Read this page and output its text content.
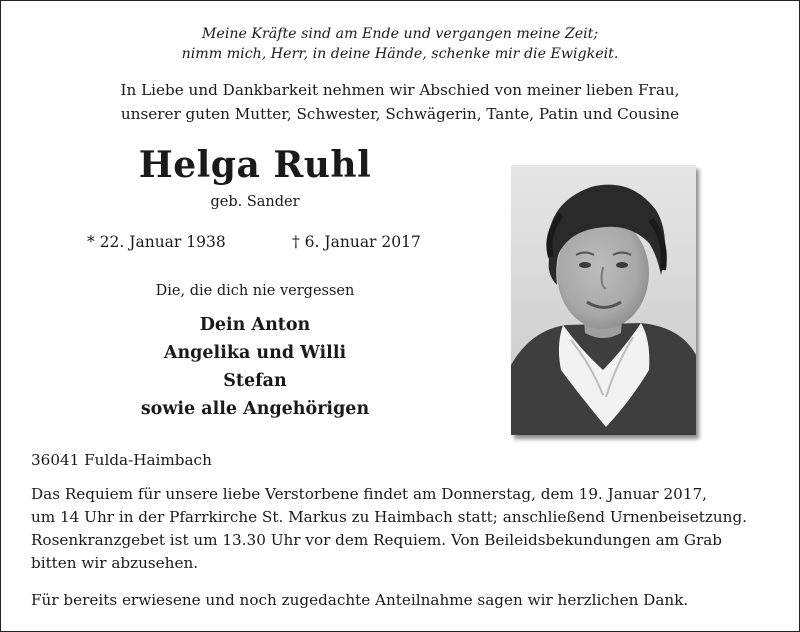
Meine Kräfte sind am Ende und vergangen meine Zeit;
nimm mich, Herr, in deine Hände, schenke mir die Ewigkeit.
In Liebe und Dankbarkeit nehmen wir Abschied von meiner lieben Frau,
unserer guten Mutter, Schwester, Schwägerin, Tante, Patin und Cousine
Helga Ruhl
geb. Sander
* 22. Januar 1938	† 6. Januar 2017
Die, die dich nie vergessen
Dein Anton
Angelika und Willi
Stefan
sowie alle Angehörigen
36041 Fulda-Haimbach
Das Requiem für unsere liebe Verstorbene findet am Donnerstag, dem 19. Januar 2017,
um 14 Uhr in der Pfarrkirche St. Markus zu Haimbach statt; anschließend Urnenbeisetzung.
Rosenkranzgebet ist um 13.30 Uhr vor dem Requiem. Von Beileidsbekundungen am Grab
bitten wir abzusehen.
Für bereits erwiesene und noch zugedachte Anteilnahme sagen wir herzlichen Dank.
